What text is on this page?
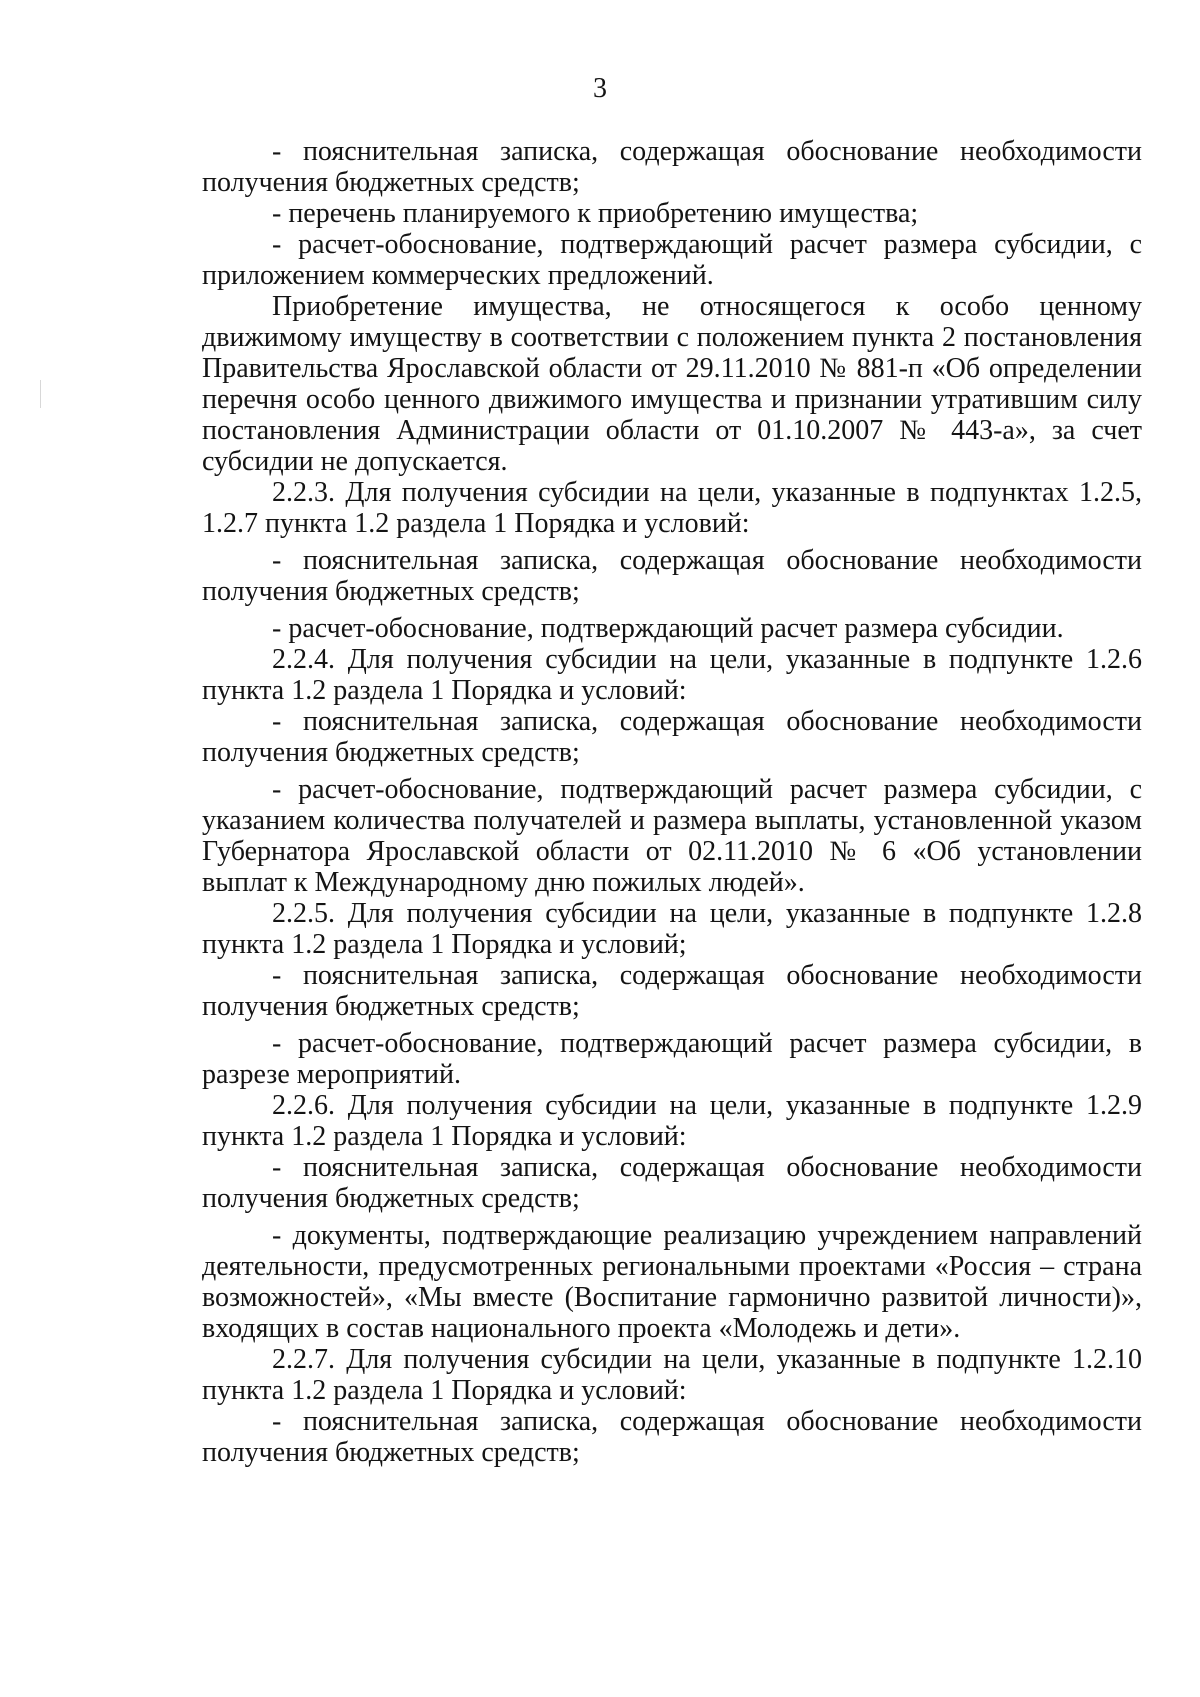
3

- пояснительная записка, содержащая обоснование необходимости получения бюджетных средств;

- перечень планируемого к приобретению имущества;

- расчет-обоснование, подтверждающий расчет размера субсидии, с приложением коммерческих предложений.

Приобретение имущества, не относящегося к особо ценному движимому имуществу в соответствии с положением пункта 2 постановления Правительства Ярославской области от 29.11.2010 № 881-п «Об определении перечня особо ценного движимого имущества и признании утратившим силу постановления Администрации области от 01.10.2007 № 443-а», за счет субсидии не допускается.

2.2.3. Для получения субсидии на цели, указанные в подпунктах 1.2.5, 1.2.7 пункта 1.2 раздела 1 Порядка и условий:

- пояснительная записка, содержащая обоснование необходимости получения бюджетных средств;

- расчет-обоснование, подтверждающий расчет размера субсидии.

2.2.4. Для получения субсидии на цели, указанные в подпункте 1.2.6 пункта 1.2 раздела 1 Порядка и условий:

- пояснительная записка, содержащая обоснование необходимости получения бюджетных средств;

- расчет-обоснование, подтверждающий расчет размера субсидии, с указанием количества получателей и размера выплаты, установленной указом Губернатора Ярославской области от 02.11.2010 № 6 «Об установлении выплат к Международному дню пожилых людей».

2.2.5. Для получения субсидии на цели, указанные в подпункте 1.2.8 пункта 1.2 раздела 1 Порядка и условий;

- пояснительная записка, содержащая обоснование необходимости получения бюджетных средств;

- расчет-обоснование, подтверждающий расчет размера субсидии, в разрезе мероприятий.

2.2.6. Для получения субсидии на цели, указанные в подпункте 1.2.9 пункта 1.2 раздела 1 Порядка и условий:

- пояснительная записка, содержащая обоснование необходимости получения бюджетных средств;

- документы, подтверждающие реализацию учреждением направлений деятельности, предусмотренных региональными проектами «Россия – страна возможностей», «Мы вместе (Воспитание гармонично развитой личности)», входящих в состав национального проекта «Молодежь и дети».

2.2.7. Для получения субсидии на цели, указанные в подпункте 1.2.10 пункта 1.2 раздела 1 Порядка и условий:

- пояснительная записка, содержащая обоснование необходимости получения бюджетных средств;
